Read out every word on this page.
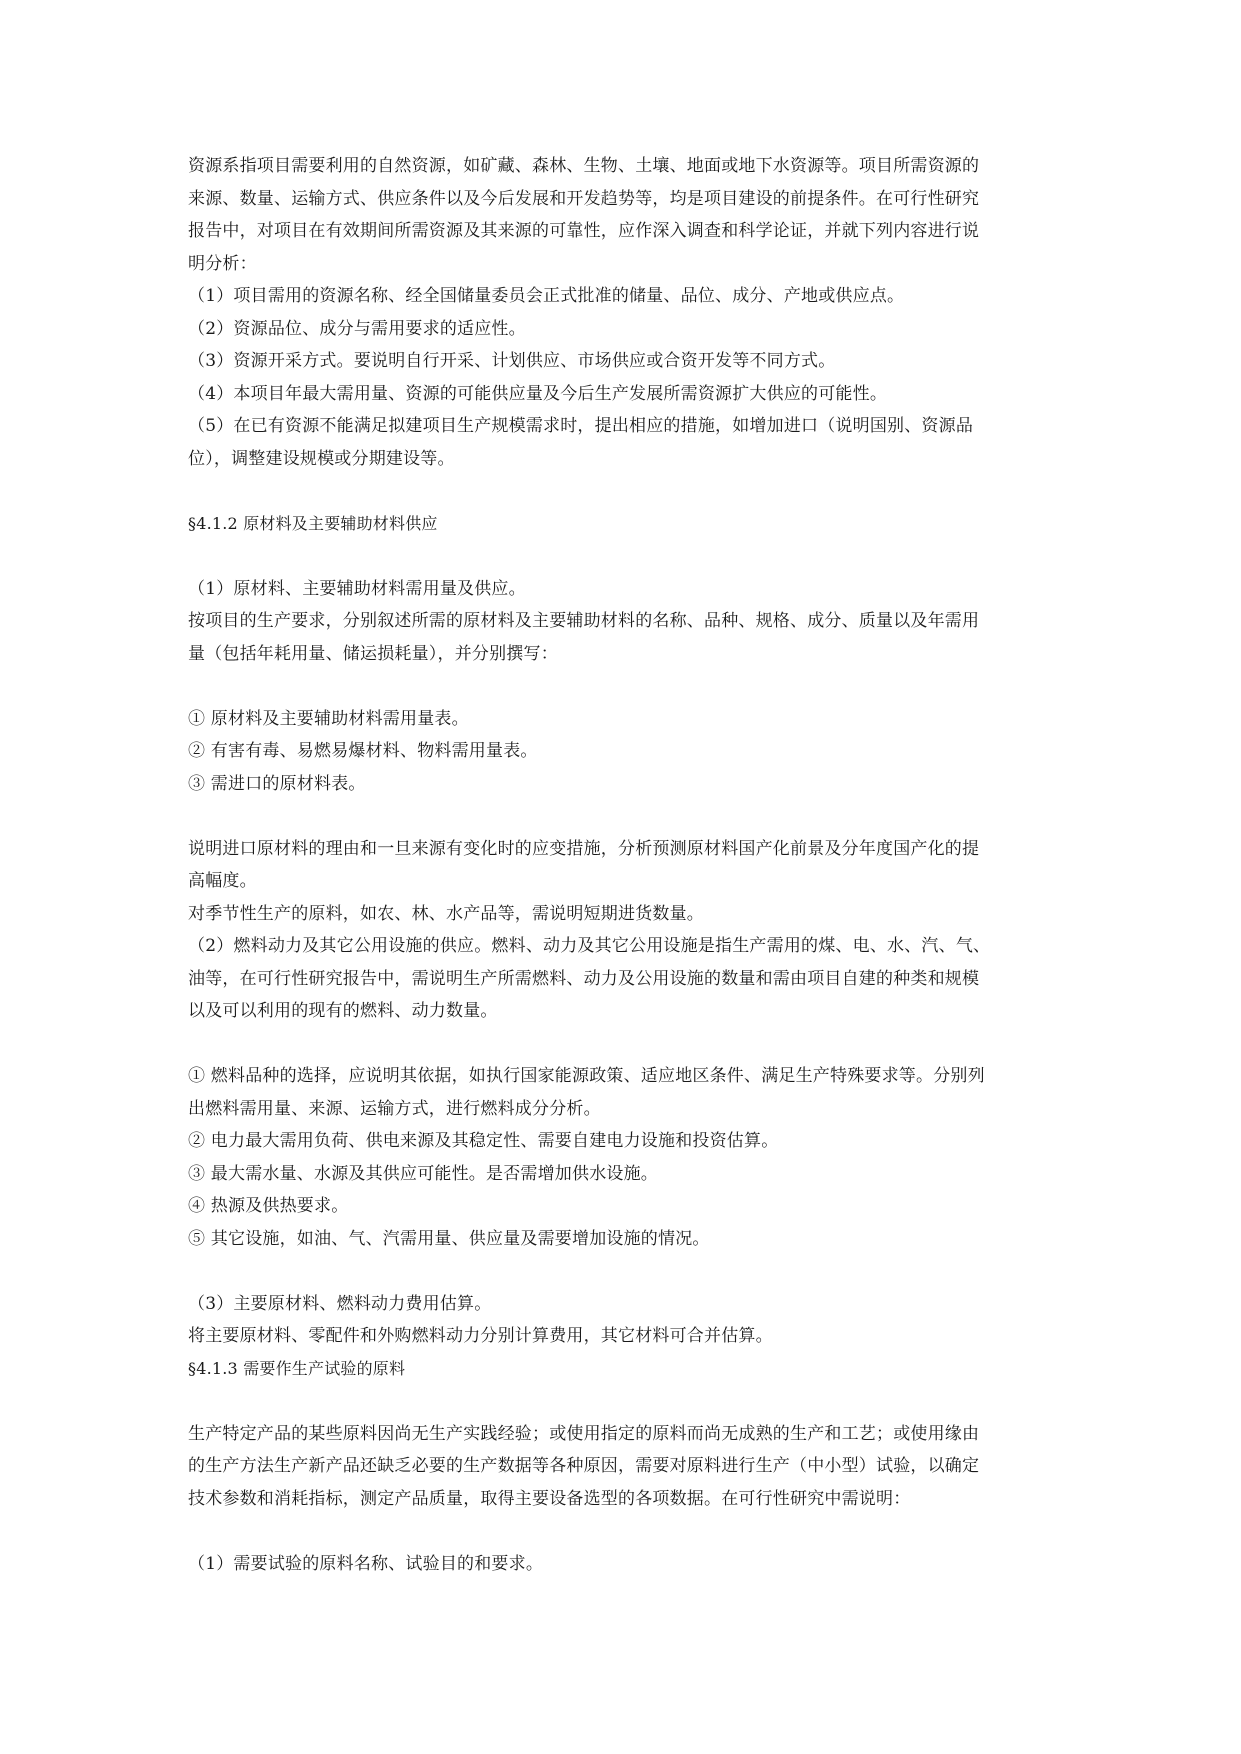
资源系指项目需要利用的自然资源，如矿藏、森林、生物、土壤、地面或地下水资源等。项目所需资源的
来源、数量、运输方式、供应条件以及今后发展和开发趋势等，均是项目建设的前提条件。在可行性研究
报告中，对项目在有效期间所需资源及其来源的可靠性，应作深入调查和科学论证，并就下列内容进行说
明分析：
（1）项目需用的资源名称、经全国储量委员会正式批准的储量、品位、成分、产地或供应点。
（2）资源品位、成分与需用要求的适应性。
（3）资源开采方式。要说明自行开采、计划供应、市场供应或合资开发等不同方式。
（4）本项目年最大需用量、资源的可能供应量及今后生产发展所需资源扩大供应的可能性。
（5）在已有资源不能满足拟建项目生产规模需求时，提出相应的措施，如增加进口（说明国别、资源品
位），调整建设规模或分期建设等。
§4.1.2 原材料及主要辅助材料供应
（1）原材料、主要辅助材料需用量及供应。
按项目的生产要求，分别叙述所需的原材料及主要辅助材料的名称、品种、规格、成分、质量以及年需用
量（包括年耗用量、储运损耗量），并分别撰写：
① 原材料及主要辅助材料需用量表。
② 有害有毒、易燃易爆材料、物料需用量表。
③ 需进口的原材料表。
说明进口原材料的理由和一旦来源有变化时的应变措施，分析预测原材料国产化前景及分年度国产化的提
高幅度。
对季节性生产的原料，如农、林、水产品等，需说明短期进货数量。
（2）燃料动力及其它公用设施的供应。燃料、动力及其它公用设施是指生产需用的煤、电、水、汽、气、
油等，在可行性研究报告中，需说明生产所需燃料、动力及公用设施的数量和需由项目自建的种类和规模
以及可以利用的现有的燃料、动力数量。
① 燃料品种的选择，应说明其依据，如执行国家能源政策、适应地区条件、满足生产特殊要求等。分别列
出燃料需用量、来源、运输方式，进行燃料成分分析。
② 电力最大需用负荷、供电来源及其稳定性、需要自建电力设施和投资估算。
③ 最大需水量、水源及其供应可能性。是否需增加供水设施。
④ 热源及供热要求。
⑤ 其它设施，如油、气、汽需用量、供应量及需要增加设施的情况。
（3）主要原材料、燃料动力费用估算。
将主要原材料、零配件和外购燃料动力分别计算费用，其它材料可合并估算。
§4.1.3 需要作生产试验的原料
生产特定产品的某些原料因尚无生产实践经验；或使用指定的原料而尚无成熟的生产和工艺；或使用缘由
的生产方法生产新产品还缺乏必要的生产数据等各种原因，需要对原料进行生产（中小型）试验，以确定
技术参数和消耗指标，测定产品质量，取得主要设备选型的各项数据。在可行性研究中需说明：
（1）需要试验的原料名称、试验目的和要求。
